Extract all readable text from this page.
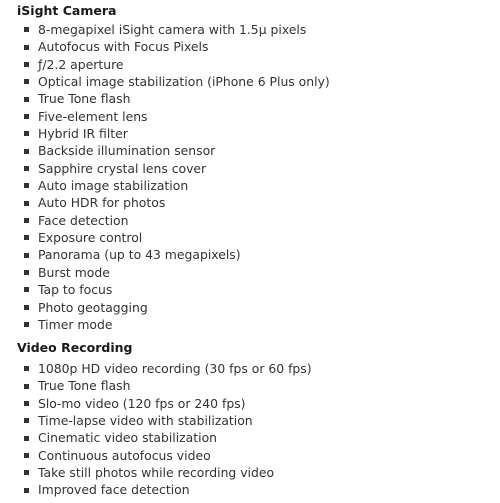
iSight Camera
8‑megapixel iSight camera with 1.5µ pixels
Autofocus with Focus Pixels
ƒ/2.2 aperture
Optical image stabilization (iPhone 6 Plus only)
True Tone flash
Five‑element lens
Hybrid IR filter
Backside illumination sensor
Sapphire crystal lens cover
Auto image stabilization
Auto HDR for photos
Face detection
Exposure control
Panorama (up to 43 megapixels)
Burst mode
Tap to focus
Photo geotagging
Timer mode
Video Recording
1080p HD video recording (30 fps or 60 fps)
True Tone flash
Slo‑mo video (120 fps or 240 fps)
Time‑lapse video with stabilization
Cinematic video stabilization
Continuous autofocus video
Take still photos while recording video
Improved face detection
